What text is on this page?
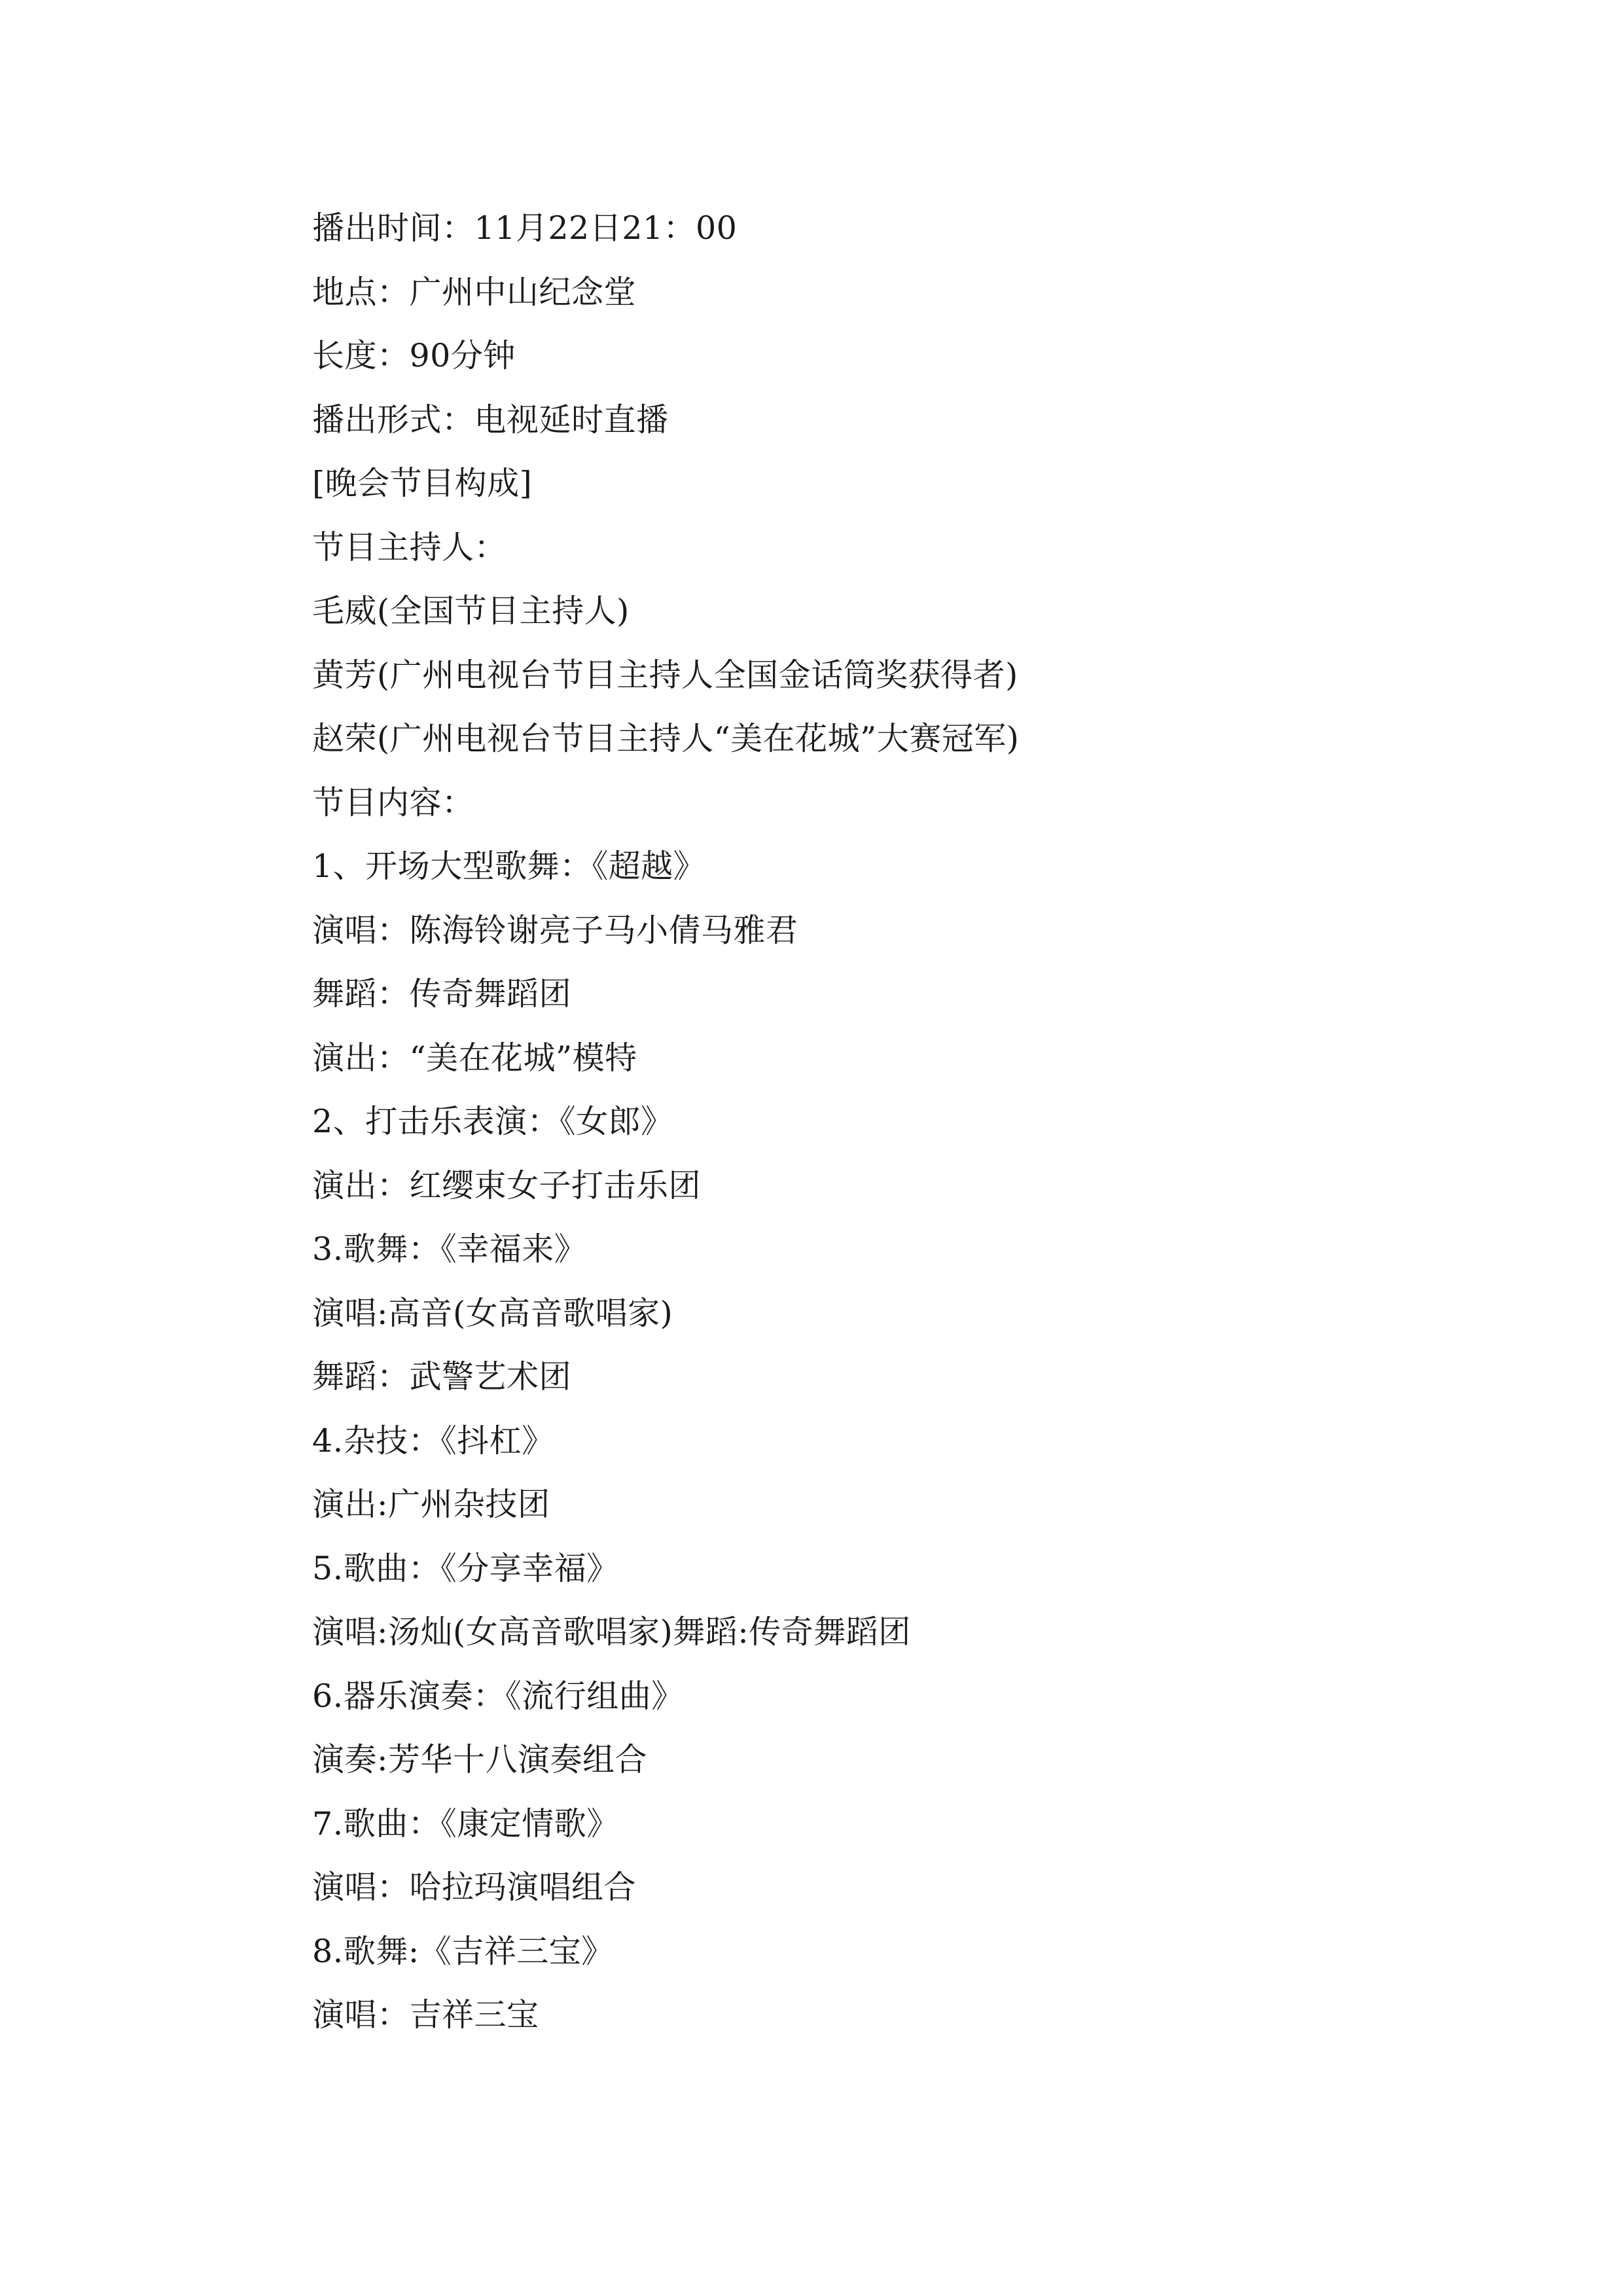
播出时间：11月22日21：00
地点：广州中山纪念堂
长度：90分钟
播出形式：电视延时直播
[晚会节目构成]
节目主持人：
毛威(全国节目主持人)
黄芳(广州电视台节目主持人全国金话筒奖获得者)
赵荣(广州电视台节目主持人“美在花城”大赛冠军)
节目内容：
1、开场大型歌舞：《超越》
演唱：陈海铃谢亮子马小倩马雅君
舞蹈：传奇舞蹈团
演出：“美在花城”模特
2、打击乐表演：《女郎》
演出：红缨束女子打击乐团
3.歌舞：《幸福来》
演唱:高音(女高音歌唱家)
舞蹈：武警艺术团
4.杂技：《抖杠》
演出:广州杂技团
5.歌曲：《分享幸福》
演唱:汤灿(女高音歌唱家)舞蹈:传奇舞蹈团
6.器乐演奏：《流行组曲》
演奏:芳华十八演奏组合
7.歌曲：《康定情歌》
演唱：哈拉玛演唱组合
8.歌舞:《吉祥三宝》
演唱：吉祥三宝
